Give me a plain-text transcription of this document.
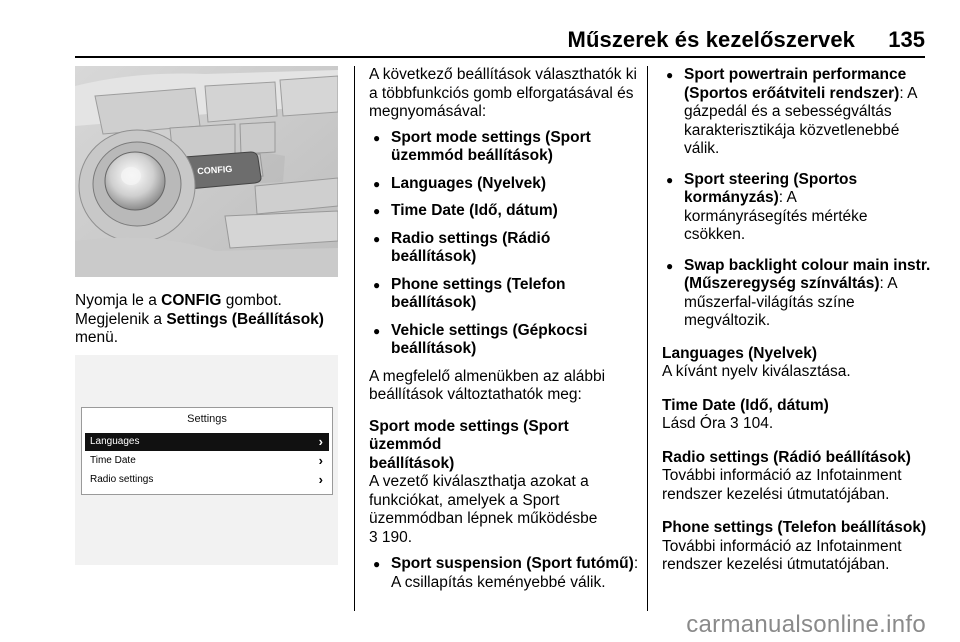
Műszerek és kezelőszervek 135
CONFIG

Nyomja le a CONFIG gombot.
Megjelenik a Settings (Beállítások)
menü.

Settings
Languages	›
Time Date	›
Radio settings	›

A következő beállítások választhatók ki a többfunkciós gomb elforgatásával és megnyomásával:

● Sport mode settings (Sport
üzemmód beállítások)
● Languages (Nyelvek)
● Time Date (Idő, dátum)
● Radio settings (Rádió
beállítások)
● Phone settings (Telefon
beállítások)
● Vehicle settings (Gépkocsi
beállítások)

A megfelelő almenükben az alábbi
beállítások változtathatók meg:

Sport mode settings (Sport üzemmód
beállítások)

A vezető kiválaszthatja azokat a
funkciókat, amelyek a Sport
üzemmódban lépnek működésbe

3 190.

● Sport suspension (Sport futómű):
A csillapítás keményebbé válik.
● Sport powertrain performance
(Sportos erőátviteli rendszer): A
gázpedál és a sebességváltás
karakterisztikája közvetlenebbé
válik.
● Sport steering (Sportos
kormányzás): A
kormányrásegítés mértéke
csökken.
● Swap backlight colour main instr.
(Műszeregység színváltás): A
műszerfal-világítás színe
megváltozik.

Languages (Nyelvek)

A kívánt nyelv kiválasztása.

Time Date (Idő, dátum)

Lásd Óra 3 104.

Radio settings (Rádió beállítások)

További információ az Infotainment
rendszer kezelési útmutatójában.

Phone settings (Telefon beállítások)

További információ az Infotainment
rendszer kezelési útmutatójában.

carmanualsonline.info
